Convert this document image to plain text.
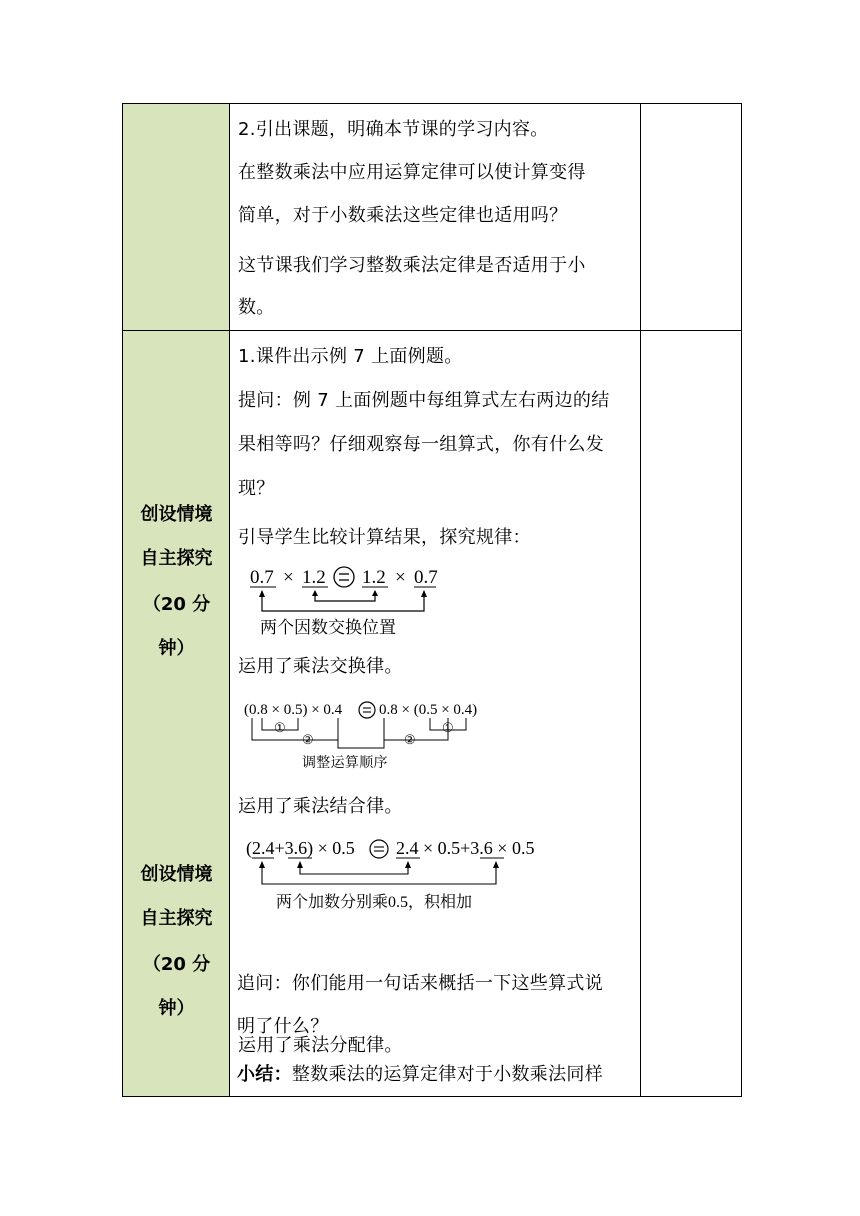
2.引出课题，明确本节课的学习内容。
在整数乘法中应用运算定律可以使计算变得
简单，对于小数乘法这些定律也适用吗？
这节课我们学习整数乘法定律是否适用于小
数。
创设情境
自主探究
（20 分
钟）
创设情境
自主探究
（20 分
钟）
1.课件出示例 7 上面例题。
提问：例 7 上面例题中每组算式左右两边的结
果相等吗？仔细观察每一组算式，你有什么发
现？
引导学生比较计算结果，探究规律：
0.7 × 1.2 1.2 × 0.7
两个因数交换位置
运用了乘法交换律。
(0.8 × 0.5) × 0.4 0.8 × (0.5 × 0.4)
①
②
①
②
调整运算顺序
运用了乘法结合律。
(2.4+3.6) × 0.5 2.4 × 0.5+3.6 × 0.5
两个加数分别乘0.5，积相加
运用了乘法分配律。
追问：你们能用一句话来概括一下这些算式说
明了什么？
小结：整数乘法的运算定律对于小数乘法同样
